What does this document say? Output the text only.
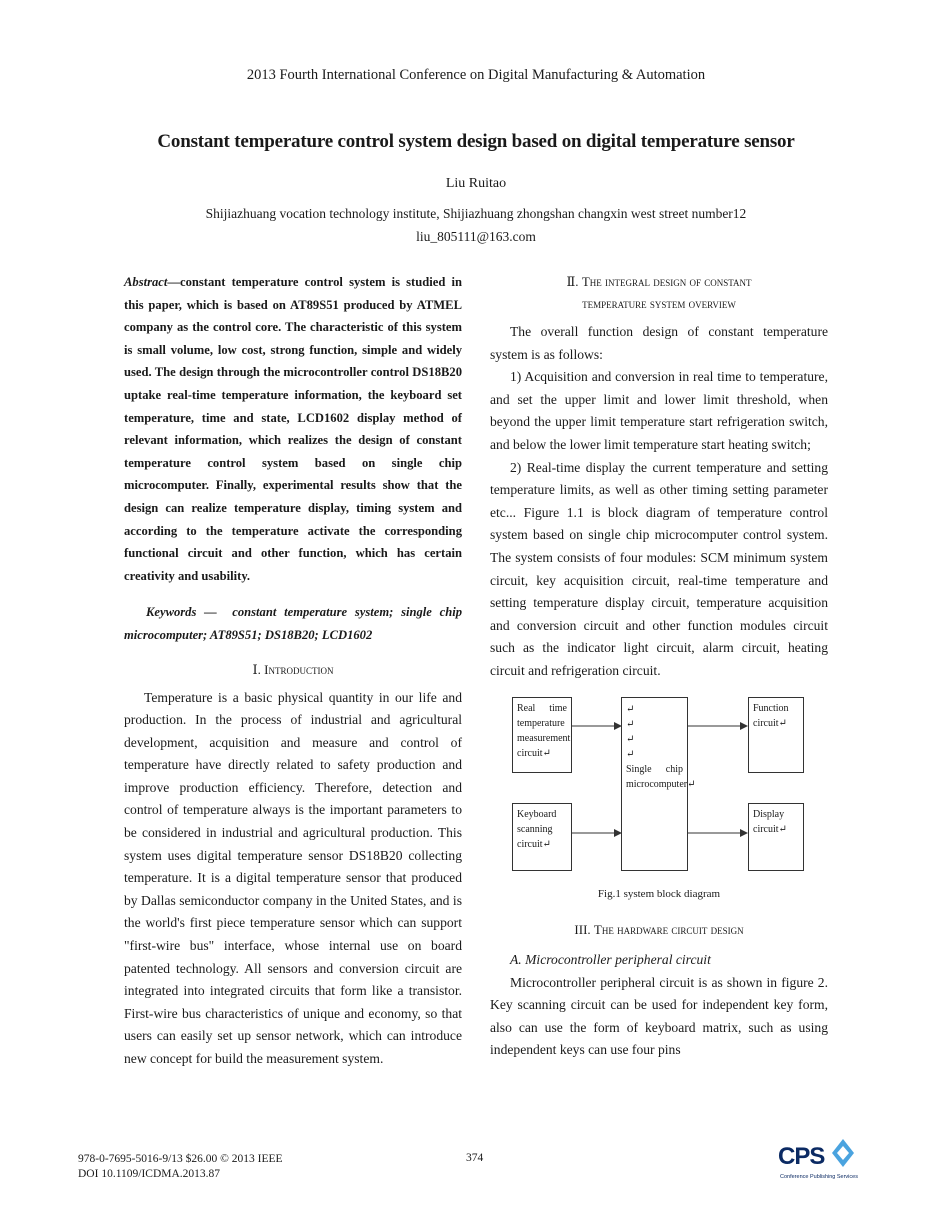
2013 Fourth International Conference on Digital Manufacturing & Automation
Constant temperature control system design based on digital temperature sensor
Liu Ruitao
Shijiazhuang vocation technology institute, Shijiazhuang zhongshan changxin west street number12
liu_805111@163.com

Abstract—constant temperature control system is studied in this paper, which is based on AT89S51 produced by ATMEL company as the control core. The characteristic of this system is small volume, low cost, strong function, simple and widely used. The design through the microcontroller control DS18B20 uptake real-time temperature information, the keyboard set temperature, time and state, LCD1602 display method of relevant information, which realizes the design of constant temperature control system based on single chip microcomputer. Finally, experimental results show that the design can realize temperature display, timing system and according to the temperature activate the corresponding functional circuit and other function, which has certain creativity and usability.

Keywords — constant temperature system; single chip microcomputer; AT89S51; DS18B20; LCD1602

Ⅰ. Introduction

Temperature is a basic physical quantity in our life and production. In the process of industrial and agricultural development, acquisition and measure and control of temperature have directly related to safety production and improve production efficiency. Therefore, detection and control of temperature always is the important parameters to be considered in industrial and agricultural production. This system uses digital temperature sensor DS18B20 collecting temperature. It is a digital temperature sensor that produced by Dallas semiconductor company in the United States, and is the world's first piece temperature sensor which can support "first-wire bus" interface, whose internal use on board patented technology. All sensors and conversion circuit are integrated into integrated circuits that form like a transistor. First-wire bus characteristics of unique and economy, so that users can easily set up sensor network, which can introduce new concept for build the measurement system.

Ⅱ. The integral design of constant
temperature system overview

The overall function design of constant temperature system is as follows:

1) Acquisition and conversion in real time to temperature, and set the upper limit and lower limit threshold, when beyond the upper limit temperature start refrigeration switch, and below the lower limit temperature start heating switch;

2) Real-time display the current temperature and setting temperature limits, as well as other timing setting parameter etc... Figure 1.1 is block diagram of temperature control system based on single chip microcomputer control system. The system consists of four modules: SCM minimum system circuit, key acquisition circuit, real-time temperature and setting temperature display circuit, temperature acquisition and conversion circuit and other function modules circuit such as the indicator light circuit, alarm circuit, heating circuit and refrigeration circuit.

Real time temperature measurement circuit↵
Keyboard scanning circuit↵
↵
↵
↵
↵
Single chip microcomputer↵
Function circuit↵
Display circuit↵

Fig.1 system block diagram

III. The hardware circuit design

A. Microcontroller peripheral circuit

Microcontroller peripheral circuit is as shown in figure 2. Key scanning circuit can be used for independent key form, also can use the form of keyboard matrix, such as using independent keys can use four pins

978-0-7695-5016-9/13 $26.00 © 2013 IEEE
DOI 10.1109/ICDMA.2013.87
374	CPS
Conference Publishing Services
